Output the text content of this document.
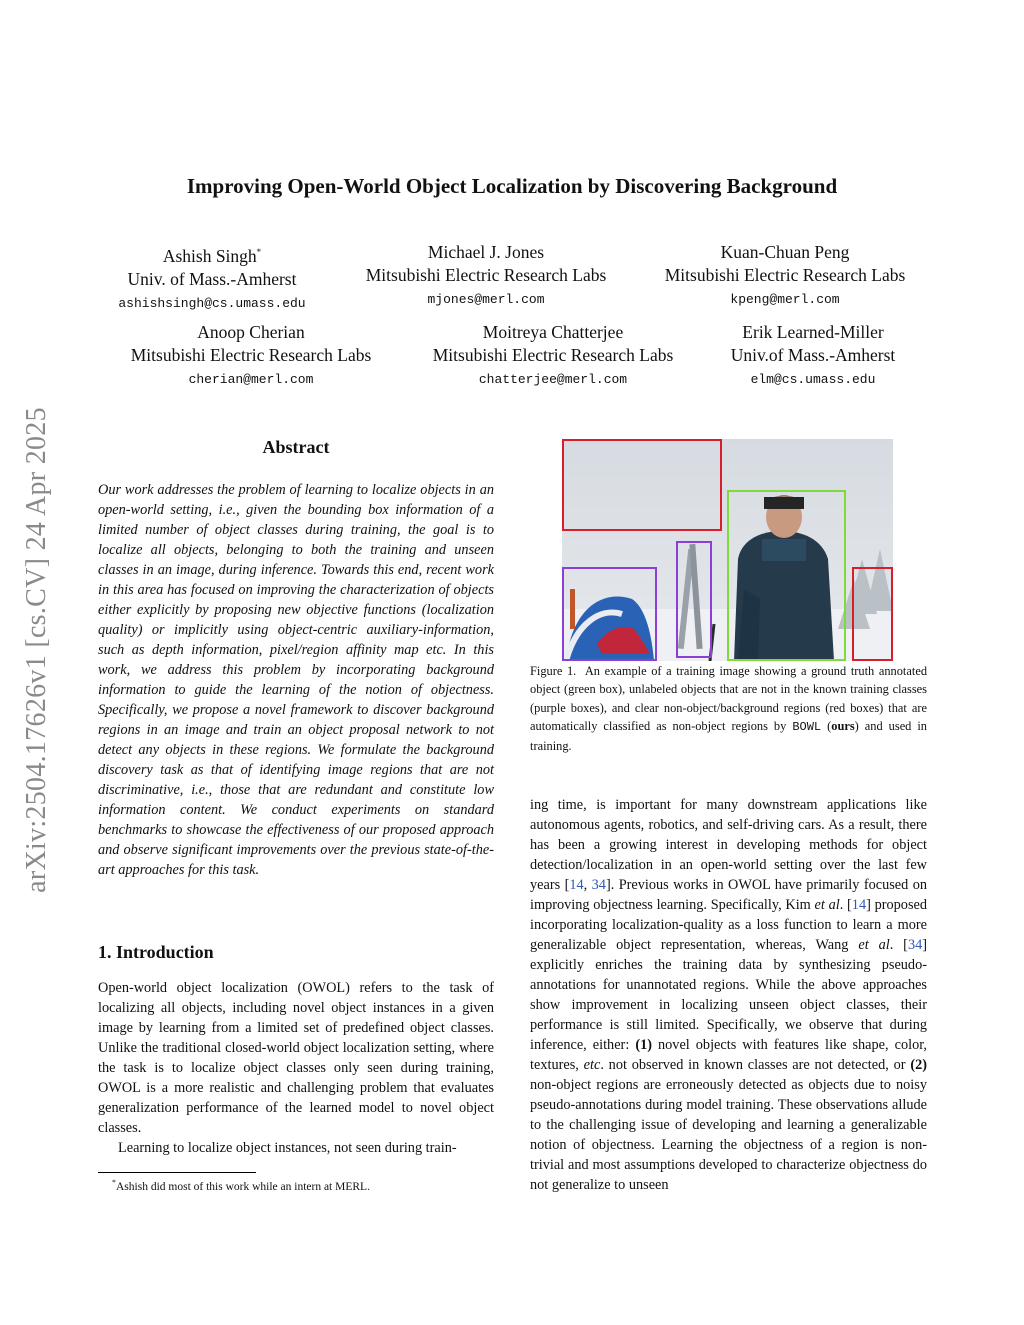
arXiv:2504.17626v1 [cs.CV] 24 Apr 2025
Improving Open-World Object Localization by Discovering Background
Ashish Singh*
Univ. of Mass.-Amherst
ashishsingh@cs.umass.edu
Michael J. Jones
Mitsubishi Electric Research Labs
mjones@merl.com
Kuan-Chuan Peng
Mitsubishi Electric Research Labs
kpeng@merl.com
Anoop Cherian
Mitsubishi Electric Research Labs
cherian@merl.com
Moitreya Chatterjee
Mitsubishi Electric Research Labs
chatterjee@merl.com
Erik Learned-Miller
Univ.of Mass.-Amherst
elm@cs.umass.edu
Abstract
Our work addresses the problem of learning to localize objects in an open-world setting, i.e., given the bounding box information of a limited number of object classes during training, the goal is to localize all objects, belonging to both the training and unseen classes in an image, during inference. Towards this end, recent work in this area has focused on improving the characterization of objects either explicitly by proposing new objective functions (localization quality) or implicitly using object-centric auxiliary-information, such as depth information, pixel/region affinity map etc. In this work, we address this problem by incorporating background information to guide the learning of the notion of objectness. Specifically, we propose a novel framework to discover background regions in an image and train an object proposal network to not detect any objects in these regions. We formulate the background discovery task as that of identifying image regions that are not discriminative, i.e., those that are redundant and constitute low information content. We conduct experiments on standard benchmarks to showcase the effectiveness of our proposed approach and observe significant improvements over the previous state-of-the-art approaches for this task.
1. Introduction

Open-world object localization (OWOL) refers to the task of localizing all objects, including novel object instances in a given image by learning from a limited set of predefined object classes. Unlike the traditional closed-world object localization setting, where the task is to localize object classes only seen during training, OWOL is a more realistic and challenging problem that evaluates generalization performance of the learned model to novel object classes.

Learning to localize object instances, not seen during train-

*Ashish did most of this work while an intern at MERL.
Figure 1. An example of a training image showing a ground truth annotated object (green box), unlabeled objects that are not in the known training classes (purple boxes), and clear non-object/background regions (red boxes) that are automatically classified as non-object regions by BOWL (ours) and used in training.
ing time, is important for many downstream applications like autonomous agents, robotics, and self-driving cars. As a result, there has been a growing interest in developing methods for object detection/localization in an open-world setting over the last few years [14, 34]. Previous works in OWOL have primarily focused on improving objectness learning. Specifically, Kim et al. [14] proposed incorporating localization-quality as a loss function to learn a more generalizable object representation, whereas, Wang et al. [34] explicitly enriches the training data by synthesizing pseudo-annotations for unannotated regions. While the above approaches show improvement in localizing unseen object classes, their performance is still limited. Specifically, we observe that during inference, either: (1) novel objects with features like shape, color, textures, etc. not observed in known classes are not detected, or (2) non-object regions are erroneously detected as objects due to noisy pseudo-annotations during model training. These observations allude to the challenging issue of developing and learning a generalizable notion of objectness. Learning the objectness of a region is non-trivial and most assumptions developed to characterize objectness do not generalize to unseen
